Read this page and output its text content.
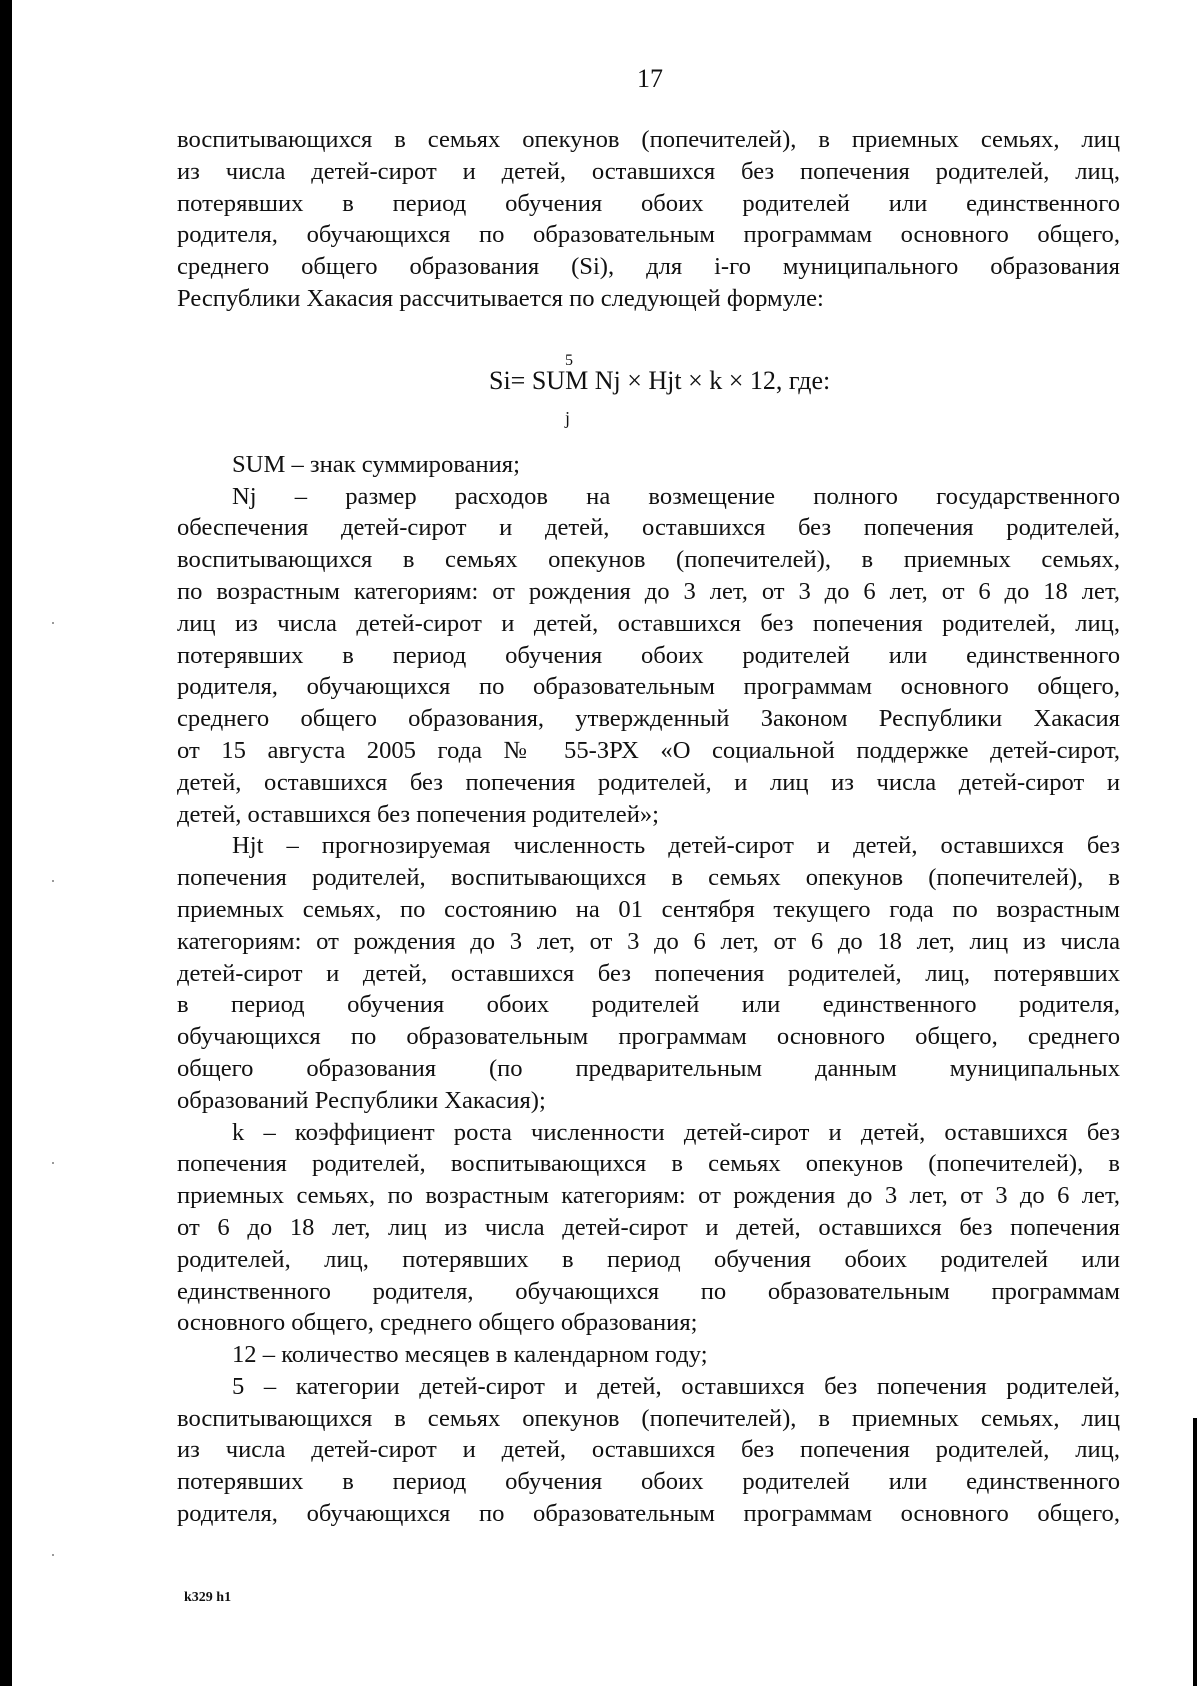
17

воспитывающихся в семьях опекунов (попечителей), в приемных семьях, лиц

из числа детей-сирот и детей, оставшихся без попечения родителей, лиц,

потерявших в период обучения обоих родителей или единственного

родителя, обучающихся по образовательным программам основного общего,

среднего общего образования (Si), для i-го муниципального образования

Республики Хакасия рассчитывается по следующей формуле:

5
Si= SUM Nj × Hjt × k × 12, где:
j

SUM – знак суммирования;

Nj – размер расходов на возмещение полного государственного

обеспечения детей-сирот и детей, оставшихся без попечения родителей,

воспитывающихся в семьях опекунов (попечителей), в приемных семьях,

по возрастным категориям: от рождения до 3 лет, от 3 до 6 лет, от 6 до 18 лет,

лиц из числа детей-сирот и детей, оставшихся без попечения родителей, лиц,

потерявших в период обучения обоих родителей или единственного

родителя, обучающихся по образовательным программам основного общего,

среднего общего образования, утвержденный Законом Республики Хакасия

от 15 августа 2005 года № 55-ЗРХ «О социальной поддержке детей-сирот,

детей, оставшихся без попечения родителей, и лиц из числа детей-сирот и

детей, оставшихся без попечения родителей»;

Hjt – прогнозируемая численность детей-сирот и детей, оставшихся без

попечения родителей, воспитывающихся в семьях опекунов (попечителей), в

приемных семьях, по состоянию на 01 сентября текущего года по возрастным

категориям: от рождения до 3 лет, от 3 до 6 лет, от 6 до 18 лет, лиц из числа

детей-сирот и детей, оставшихся без попечения родителей, лиц, потерявших

в период обучения обоих родителей или единственного родителя,

обучающихся по образовательным программам основного общего, среднего

общего образования (по предварительным данным муниципальных

образований Республики Хакасия);

k – коэффициент роста численности детей-сирот и детей, оставшихся без

попечения родителей, воспитывающихся в семьях опекунов (попечителей), в

приемных семьях, по возрастным категориям: от рождения до 3 лет, от 3 до 6 лет,

от 6 до 18 лет, лиц из числа детей-сирот и детей, оставшихся без попечения

родителей, лиц, потерявших в период обучения обоих родителей или

единственного родителя, обучающихся по образовательным программам

основного общего, среднего общего образования;

12 – количество месяцев в календарном году;

5 – категории детей-сирот и детей, оставшихся без попечения родителей,

воспитывающихся в семьях опекунов (попечителей), в приемных семьях, лиц

из числа детей-сирот и детей, оставшихся без попечения родителей, лиц,

потерявших в период обучения обоих родителей или единственного

родителя, обучающихся по образовательным программам основного общего,

k329 h1
